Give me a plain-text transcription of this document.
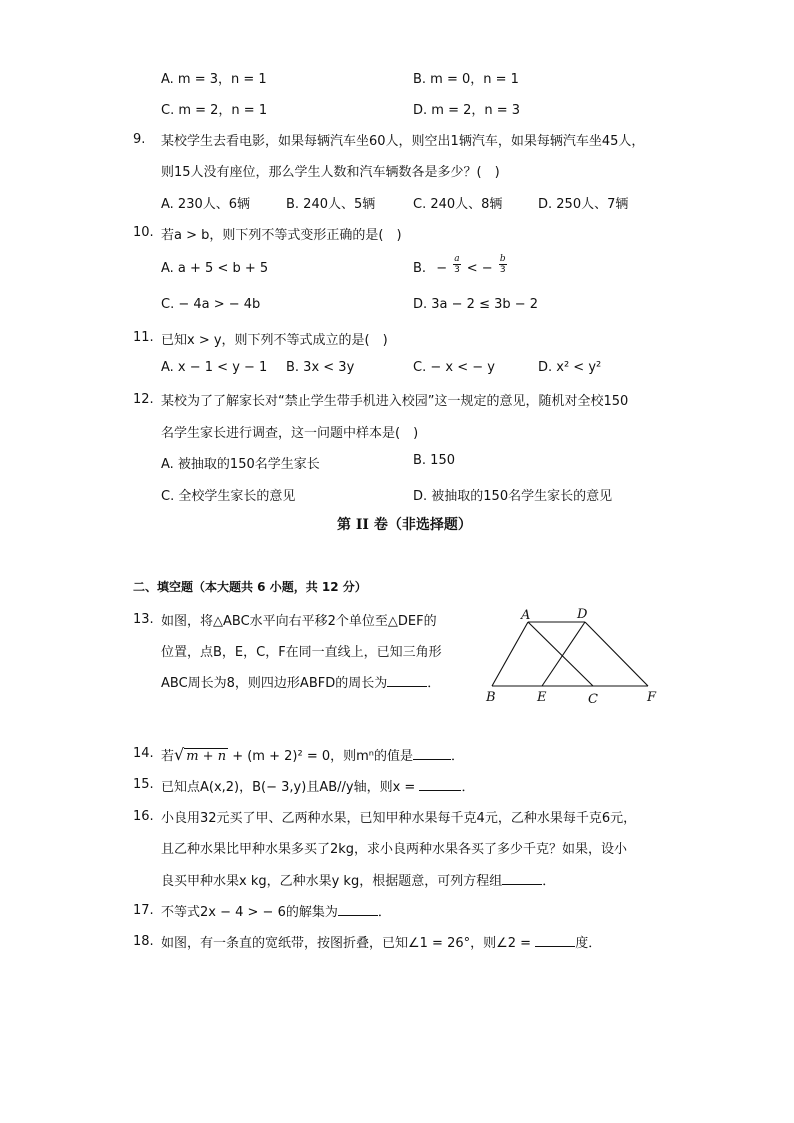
A. m = 3，n = 1	B. m = 0，n = 1
C. m = 2，n = 1	D. m = 2，n = 3
9. 某校学生去看电影，如果每辆汽车坐60人，则空出1辆汽车，如果每辆汽车坐45人，
则15人没有座位，那么学生人数和汽车辆数各是多少？(　)
A. 230人、6辆	B. 240人、5辆	C. 240人、8辆	D. 250人、7辆
10. 若a > b，则下列不等式变形正确的是(　)
A. a + 5 < b + 5	B. − $\frac{a}{3}$ < − $\frac{b}{3}$
C. − 4a > − 4b	D. 3a − 2 ≤ 3b − 2
11. 已知x > y，则下列不等式成立的是(　)
A. x − 1 < y − 1 B. 3x < 3y	C. − x < − y	D. x² < y²
12. 某校为了了解家长对“禁止学生带手机进入校园”这一规定的意见，随机对全校150
名学生家长进行调查，这一问题中样本是(　)
A. 被抽取的150名学生家长	B. 150
C. 全校学生家长的意见	D. 被抽取的150名学生家长的意见
第 II 卷（非选择题）
二、填空题（本大题共 6 小题，共 12 分）
13. 如图，将△ABC水平向右平移2个单位至△DEF的
位置，点B，E，C，F在同一直线上，已知三角形
ABC周长为8，则四边形ABFD的周长为	．
A	D
B	E	C	F
14. 若√ m + n + (m + 2)² = 0，则mⁿ的值是	．
15. 已知点A(x,2)，B(− 3,y)且AB//y轴，则x =	．
16. 小良用32元买了甲、乙两种水果，已知甲种水果每千克4元，乙种水果每千克6元，
且乙种水果比甲种水果多买了2kg，求小良两种水果各买了多少千克？如果，设小
良买甲种水果x kg，乙种水果y kg，根据题意，可列方程组	．
17. 不等式2x − 4 > − 6的解集为	．
18. 如图，有一条直的宽纸带，按图折叠，已知∠1 = 26°，则∠2 =	度．
